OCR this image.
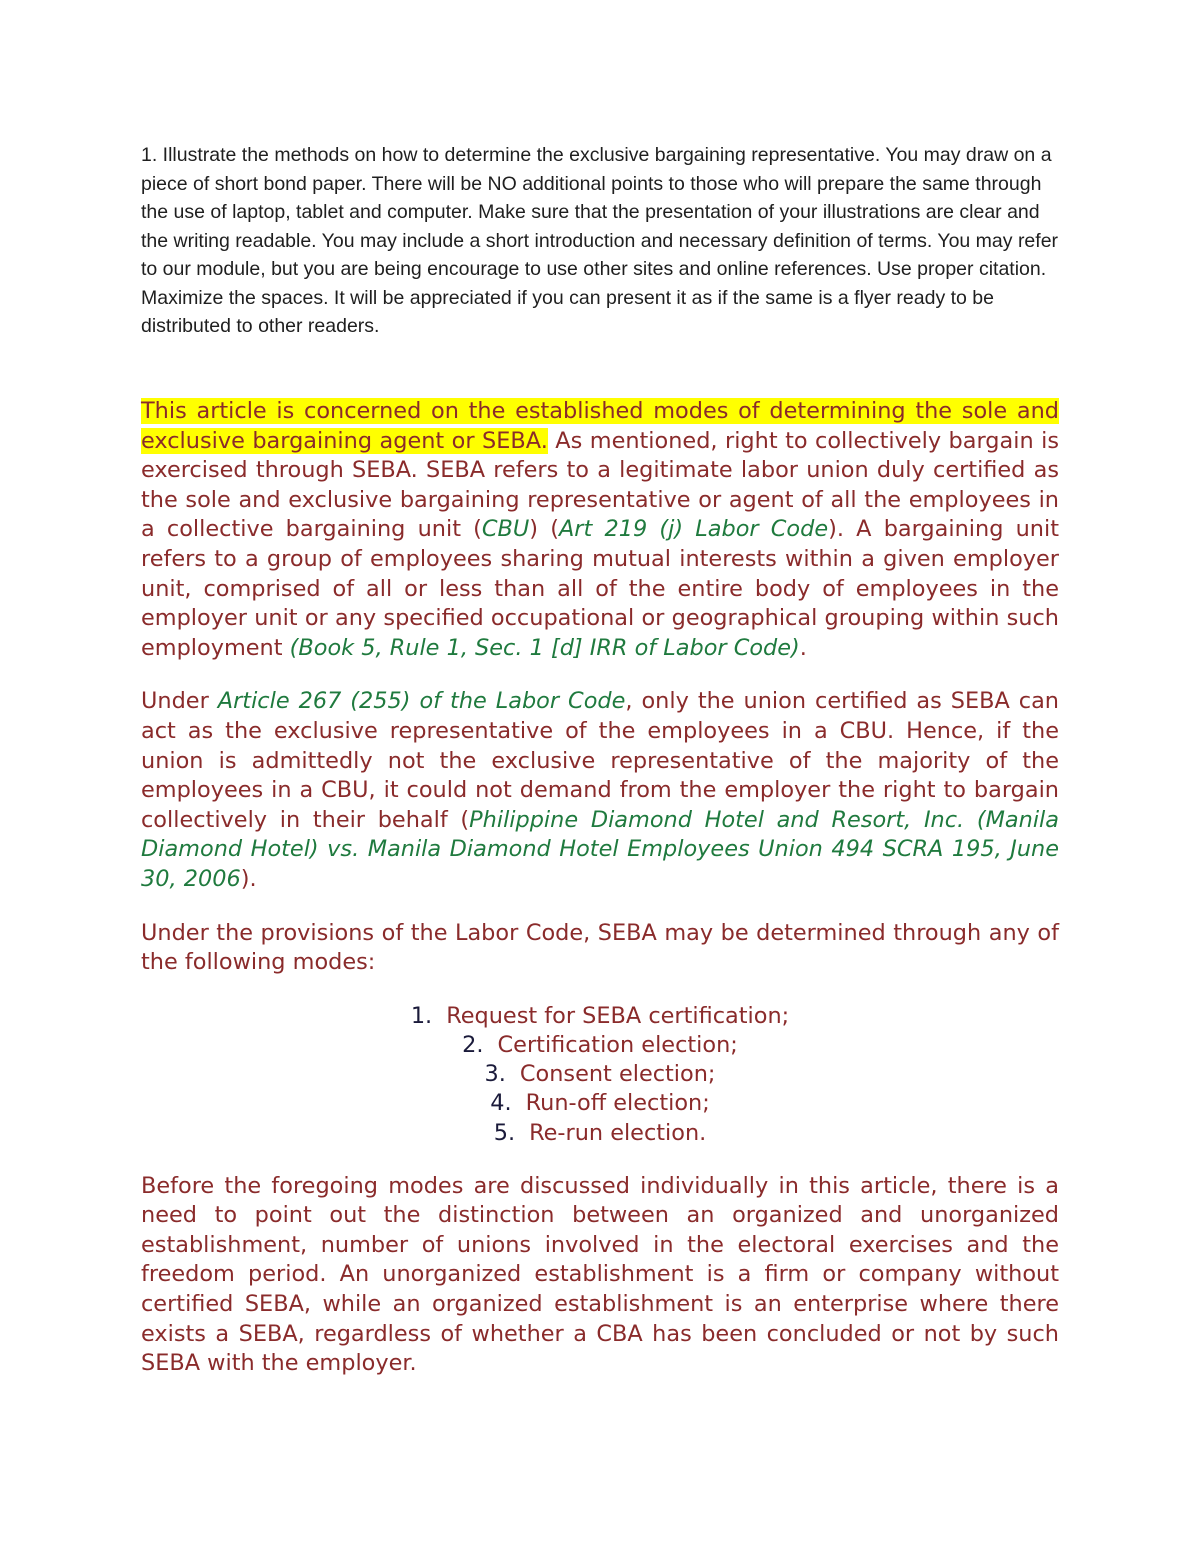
1. Illustrate the methods on how to determine the exclusive bargaining representative. You may draw on a piece of short bond paper. There will be NO additional points to those who will prepare the same through the use of laptop, tablet and computer. Make sure that the presentation of your illustrations are clear and the writing readable. You may include a short introduction and necessary definition of terms. You may refer to our module, but you are being encourage to use other sites and online references. Use proper citation. Maximize the spaces. It will be appreciated if you can present it as if the same is a flyer ready to be distributed to other readers.

This article is concerned on the established modes of determining the sole and exclusive bargaining agent or SEBA. As mentioned, right to collectively bargain is exercised through SEBA. SEBA refers to a legitimate labor union duly certified as the sole and exclusive bargaining representative or agent of all the employees in a collective bargaining unit (CBU) (Art 219 (j) Labor Code). A bargaining unit refers to a group of employees sharing mutual interests within a given employer unit, comprised of all or less than all of the entire body of employees in the employer unit or any specified occupational or geographical grouping within such employment (Book 5, Rule 1, Sec. 1 [d] IRR of Labor Code).

Under Article 267 (255) of the Labor Code, only the union certified as SEBA can act as the exclusive representative of the employees in a CBU. Hence, if the union is admittedly not the exclusive representative of the majority of the employees in a CBU, it could not demand from the employer the right to bargain collectively in their behalf (Philippine Diamond Hotel and Resort, Inc. (Manila Diamond Hotel) vs. Manila Diamond Hotel Employees Union 494 SCRA 195, June 30, 2006).

Under the provisions of the Labor Code, SEBA may be determined through any of the following modes:

1. Request for SEBA certification;
2. Certification election;
3. Consent election;
4. Run-off election;
5. Re-run election.

Before the foregoing modes are discussed individually in this article, there is a need to point out the distinction between an organized and unorganized establishment, number of unions involved in the electoral exercises and the freedom period. An unorganized establishment is a firm or company without certified SEBA, while an organized establishment is an enterprise where there exists a SEBA, regardless of whether a CBA has been concluded or not by such SEBA with the employer.
